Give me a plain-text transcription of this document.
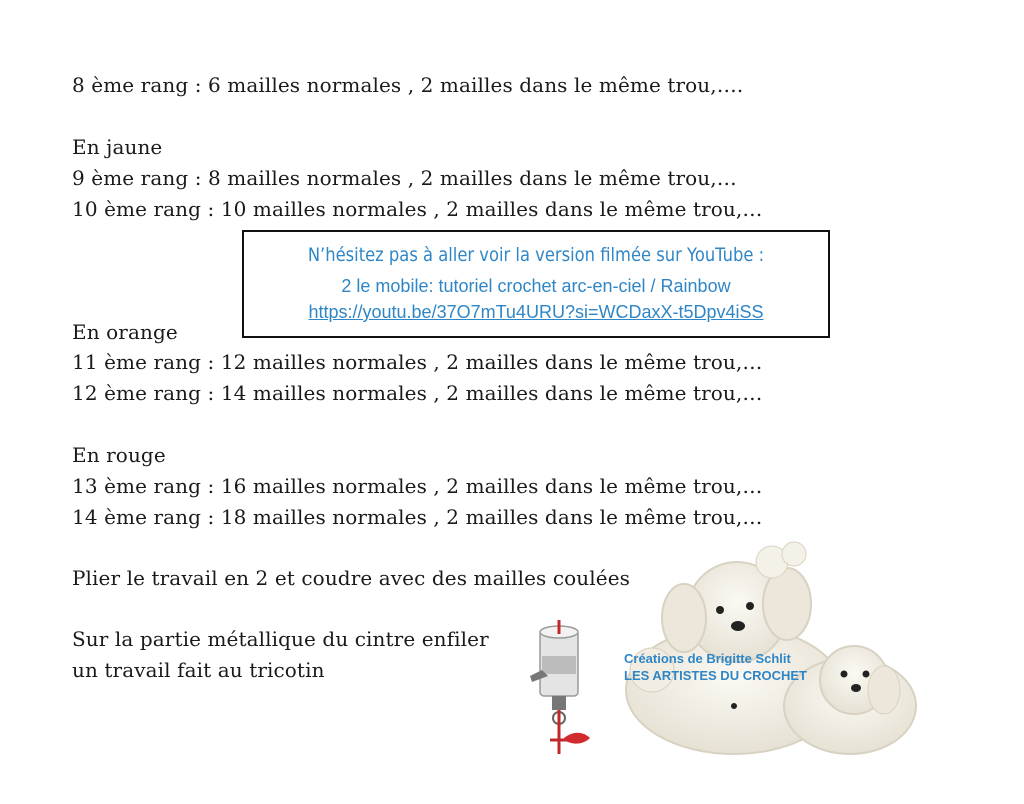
8 ème rang : 6 mailles normales , 2 mailles dans le même trou,….
En jaune
9 ème rang : 8 mailles normales , 2 mailles dans le même trou,…
10 ème rang : 10 mailles normales , 2 mailles dans le même trou,…
N’hésitez pas à aller voir la version filmée sur YouTube :
2 le mobile: tutoriel crochet arc-en-ciel / Rainbow
https://youtu.be/37O7mTu4URU?si=WCDaxX-t5Dpv4iSS
En orange
11 ème rang : 12 mailles normales , 2 mailles dans le même trou,…
12 ème rang : 14 mailles normales , 2 mailles dans le même trou,…
En rouge
13 ème rang : 16 mailles normales , 2 mailles dans le même trou,…
14 ème rang : 18 mailles normales , 2 mailles dans le même trou,…
Plier le travail en 2 et coudre avec des mailles coulées
Sur la partie métallique du cintre enfiler
un travail fait au tricotin	Créations de Brigitte Schlit
LES ARTISTES DU CROCHET
